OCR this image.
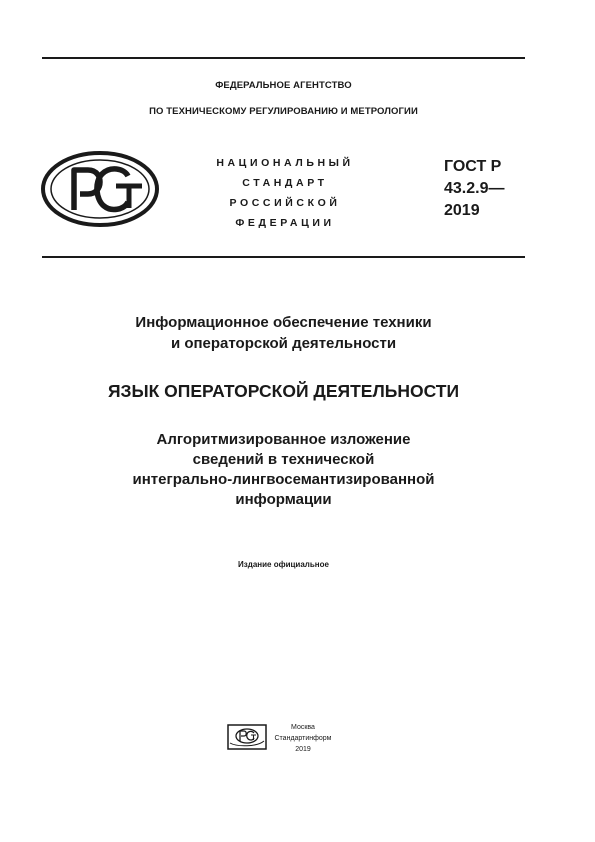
ФЕДЕРАЛЬНОЕ АГЕНТСТВО
ПО ТЕХНИЧЕСКОМУ РЕГУЛИРОВАНИЮ И МЕТРОЛОГИИ
НАЦИОНАЛЬНЫЙ
СТАНДАРТ
РОССИЙСКОЙ
ФЕДЕРАЦИИ
ГОСТ Р
43.2.9—
2019
Информационное обеспечение техники
и операторской деятельности
ЯЗЫК ОПЕРАТОРСКОЙ ДЕЯТЕЛЬНОСТИ
Алгоритмизированное изложение
сведений в технической
интегрально-лингвосемантизированной
информации
Издание официальное
Москва
Стандартинформ
2019
